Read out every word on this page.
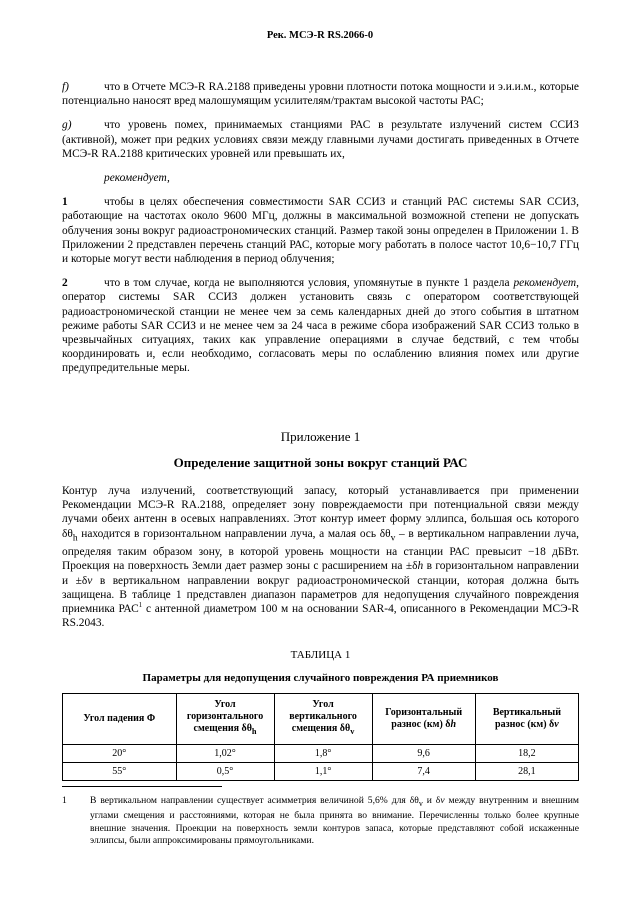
Рек. МСЭ-R RS.2066-0

f)	что в Отчете МСЭ-R RA.2188 приведены уровни плотности потока мощности и э.и.и.м., которые потенциально наносят вред малошумящим усилителям/трактам высокой частоты РАС;

g)	что уровень помех, принимаемых станциями РАС в результате излучений систем ССИЗ (активной), может при редких условиях связи между главными лучами достигать приведенных в Отчете МСЭ-R RA.2188 критических уровней или превышать их,

рекомендует,

1	чтобы в целях обеспечения совместимости SAR ССИЗ и станций РАС системы SAR ССИЗ, работающие на частотах около 9600 МГц, должны в максимальной возможной степени не допускать облучения зоны вокруг радиоастрономических станций. Размер такой зоны определен в Приложении 1. В Приложении 2 представлен перечень станций РАС, которые могу работать в полосе частот 10,6−10,7 ГГц и которые могут вести наблюдения в период облучения;

2	что в том случае, когда не выполняются условия, упомянутые в пункте 1 раздела рекомендует, оператор системы SAR ССИЗ должен установить связь с оператором соответствующей радиоастрономической станции не менее чем за семь календарных дней до этого события в штатном режиме работы SAR ССИЗ и не менее чем за 24 часа в режиме сбора изображений SAR ССИЗ только в чрезвычайных ситуациях, таких как управление операциями в случае бедствий, с тем чтобы координировать и, если необходимо, согласовать меры по ослаблению влияния помех или другие предупредительные меры.

Приложение 1

Определение защитной зоны вокруг станций РАС

Контур луча излучений, соответствующий запасу, который устанавливается при применении Рекомендации МСЭ-R RA.2188, определяет зону повреждаемости при потенциальной связи между лучами обеих антенн в осевых направлениях. Этот контур имеет форму эллипса, большая ось которого $\delta\theta_h$ находится в горизонтальном направлении луча, а малая ось $\delta\theta_v$ – в вертикальном направлении луча, определяя таким образом зону, в которой уровень мощности на станции РАС превысит −18 дБВт. Проекция на поверхность Земли дает размер зоны с расширением на ±δh в горизонтальном направлении и ±δv в вертикальном направлении вокруг радиоастрономической станции, которая должна быть защищена. В таблице 1 представлен диапазон параметров для недопущения случайного повреждения приемника РАС$^1$ с антенной диаметром 100 м на основании SAR-4, описанного в Рекомендации МСЭ-R RS.2043.

ТАБЛИЦА 1

Параметры для недопущения случайного повреждения РА приемников

Угол падения Φ	Угол горизонтального смещения $\delta\theta_h$	Угол вертикального смещения $\delta\theta_v$	Горизонтальный разнос (км) δh	Вертикальный разнос (км) δv
20°	1,02°	1,8°	9,6	18,2
55°	0,5°	1,1°	7,4	28,1
1 В вертикальном направлении существует асимметрия величиной 5,6% для $\delta\theta_v$ и δv между внутренним и внешним углами смещения и расстояниями, которая не была принята во внимание. Перечисленны только более крупные внешние значения. Проекции на поверхность земли контуров запаса, которые представляют собой искаженные эллипсы, были аппроксимированы прямоугольниками.
